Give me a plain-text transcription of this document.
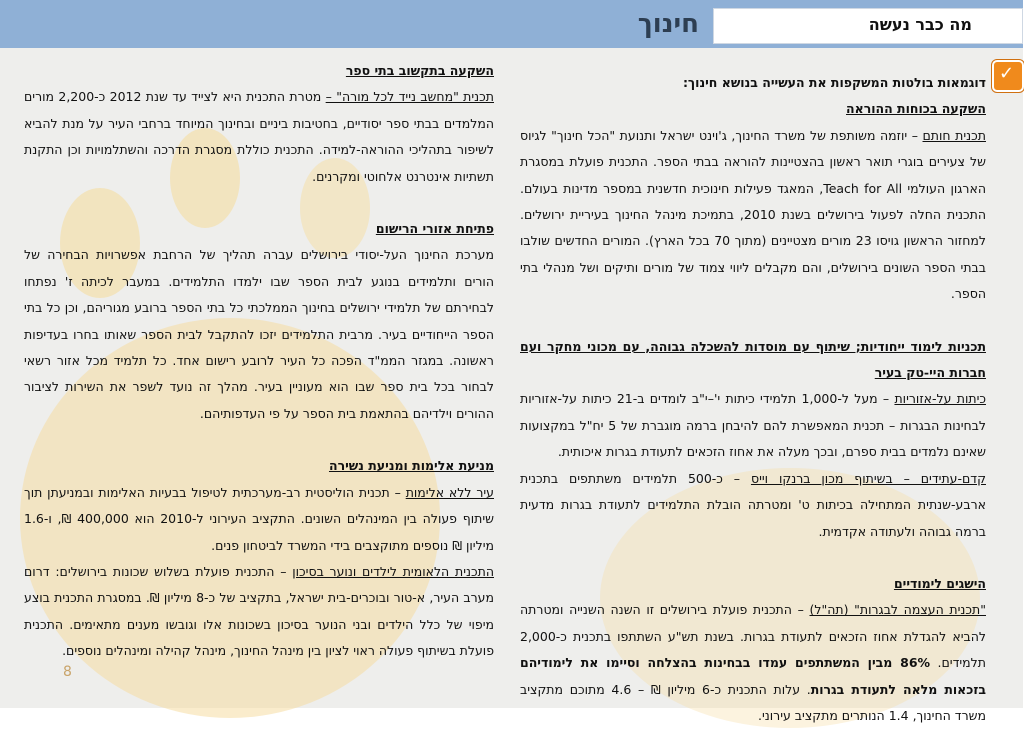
מה כבר נעשה
חינוך
✓
8

דוגמאות בולטות המשקפות את העשייה בנושא חינוך:

השקעה בכוחות ההוראה

תכנית חותם – יוזמה משותפת של משרד החינוך, ג'וינט ישראל ותנועת "הכל חינוך" לגיוס של צעירים בוגרי תואר ראשון בהצטיינות להוראה בבתי הספר. התכנית פועלת במסגרת הארגון העולמי Teach for All, המאגד פעילות חינוכית חדשנית במספר מדינות בעולם. התכנית החלה לפעול בירושלים בשנת 2010, בתמיכת מינהל החינוך בעיריית ירושלים. למחזור הראשון גויסו 23 מורים מצטיינים (מתוך 70 בכל הארץ). המורים החדשים שולבו בבתי הספר השונים בירושלים, והם מקבלים ליווי צמוד של מורים ותיקים ושל מנהלי בתי הספר.

תכניות לימוד ייחודיות; שיתוף עם מוסדות להשכלה גבוהה, עם מכוני מחקר ועם חברות היי-טק בעיר

כיתות על-אזוריות – מעל ל-1,000 תלמידי כיתות י'–י"ב לומדים ב-21 כיתות על-אזוריות לבחינות הבגרות – תכנית המאפשרת להם להיבחן ברמה מוגברת של 5 יח"ל במקצועות שאינם נלמדים בבית ספרם, ובכך מעלה את אחוז הזכאים לתעודת בגרות איכותית.

קדם-עתידים – בשיתוף מכון ברנקו וייס – כ-500 תלמידים משתתפים בתכנית ארבע-שנתית המתחילה בכיתות ט' ומטרתה הובלת התלמידים לתעודת בגרות מדעית ברמה גבוהה ולעתודה אקדמית.

הישגים לימודיים

"תכנית העצמה לבגרות" (תה"ל) – התכנית פועלת בירושלים זו השנה השנייה ומטרתה להביא להגדלת אחוז הזכאים לתעודת בגרות. בשנת תש"ע השתתפו בתכנית כ-2,000 תלמידים. 86% מבין המשתתפים עמדו בבחינות בהצלחה וסיימו את לימודיהם בזכאות מלאה לתעודת בגרות. עלות התכנית כ-6 מיליון ₪ – 4.6 מתוכם מתקציב משרד החינוך, 1.4 הנותרים מתקציב עירוני.

השקעה בתקשוב בתי ספר

תכנית "מחשב נייד לכל מורה" – מטרת התכנית היא לצייד עד שנת 2012 כ-2,200 מורים המלמדים בבתי ספר יסודיים, בחטיבות ביניים ובחינוך המיוחד ברחבי העיר על מנת להביא לשיפור בתהליכי ההוראה-למידה. התכנית כוללת מסגרת הדרכה והשתלמויות וכן התקנת תשתיות אינטרנט אלחוטי ומקרנים.

פתיחת אזורי הרישום

מערכת החינוך העל-יסודי בירושלים עברה תהליך של הרחבת אפשרויות הבחירה של הורים ותלמידים בנוגע לבית הספר שבו ילמדו התלמידים. במעבר לכיתה ז' נפתחו לבחירתם של תלמידי ירושלים בחינוך הממלכתי כל בתי הספר ברובע מגוריהם, וכן כל בתי הספר הייחודיים בעיר. מרבית התלמידים יזכו להתקבל לבית הספר שאותו בחרו בעדיפות ראשונה. במגזר הממ"ד הפכה כל העיר לרובע רישום אחד. כל תלמיד מכל אזור רשאי לבחור בכל בית ספר שבו הוא מעוניין בעיר. מהלך זה נועד לשפר את השירות לציבור ההורים וילדיהם בהתאמת בית הספר על פי העדפותיהם.

מניעת אלימות ומניעת נשירה

עיר ללא אלימות – תכנית הוליסטית רב-מערכתית לטיפול בבעיות האלימות ובמניעתן תוך שיתוף פעולה בין המינהלים השונים. התקציב העירוני ל-2010 הוא 400,000 ₪, ו-1.6 מיליון ₪ נוספים מתוקצבים בידי המשרד לביטחון פנים.

התכנית הלאומית לילדים ונוער בסיכון – התכנית פועלת בשלוש שכונות בירושלים: דרום מערב העיר, א-טור ובוכרים-בית ישראל, בתקציב של כ-8 מיליון ₪. במסגרת התכנית בוצע מיפוי של כלל הילדים ובני הנוער בסיכון בשכונות אלו וגובשו מענים מתאימים. התכנית פועלת בשיתוף פעולה ראוי לציון בין מינהל החינוך, מינהל קהילה ומינהלים נוספים.
